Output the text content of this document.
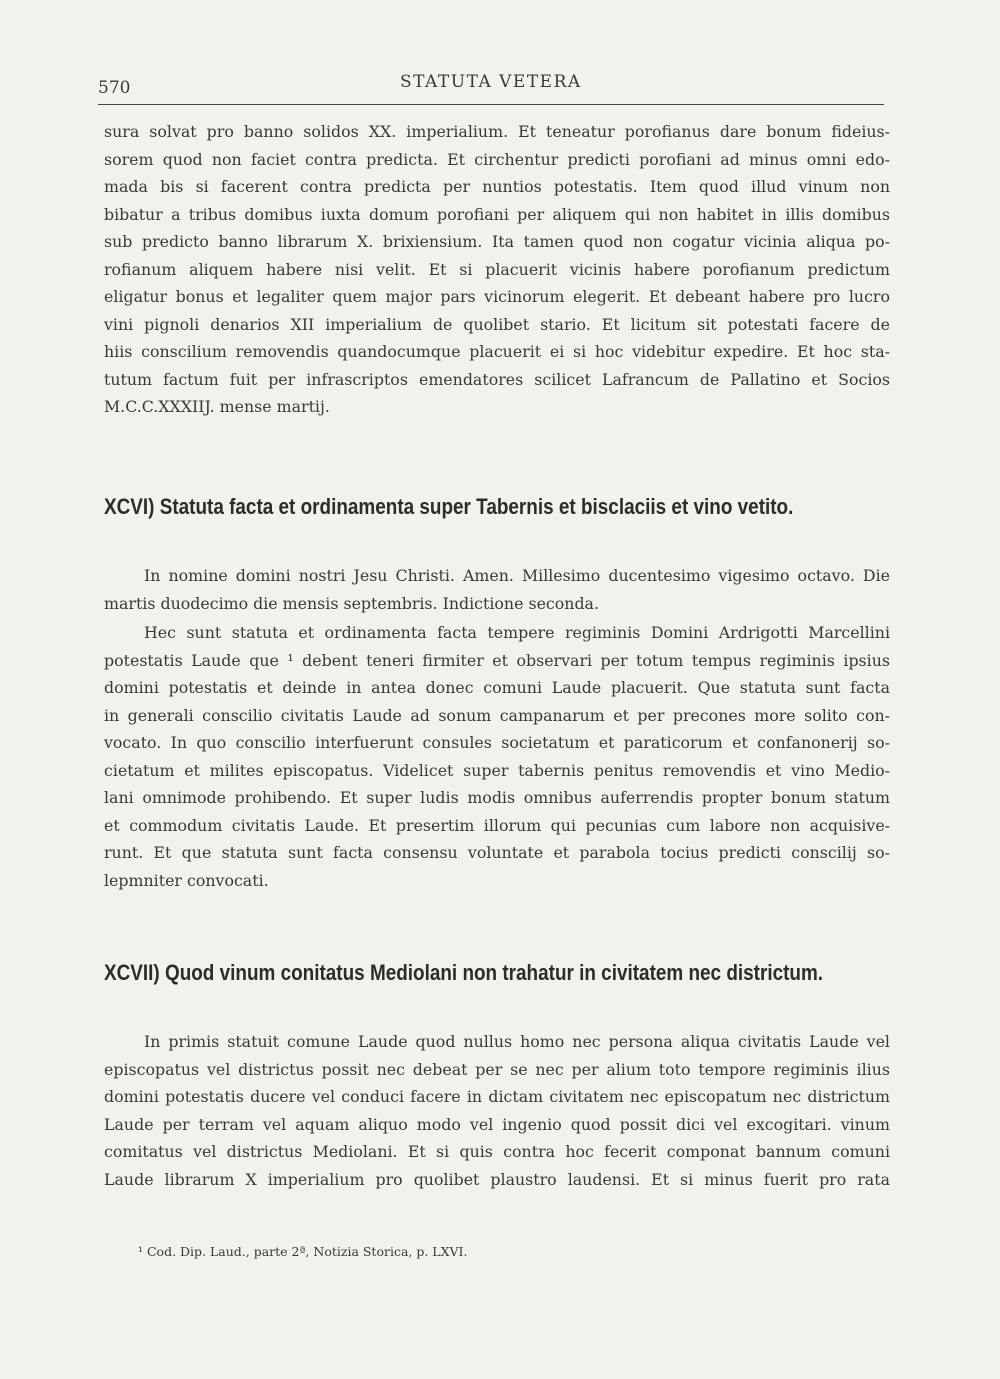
570	STATUTA VETERA
sura solvat pro banno solidos XX. imperialium. Et teneatur porofianus dare bonum fideius-
sorem quod non faciet contra predicta. Et circhentur predicti porofiani ad minus omni edo-
mada bis si facerent contra predicta per nuntios potestatis. Item quod illud vinum non
bibatur a tribus domibus iuxta domum porofiani per aliquem qui non habitet in illis domibus
sub predicto banno librarum X. brixiensium. Ita tamen quod non cogatur vicinia aliqua po-
rofianum aliquem habere nisi velit. Et si placuerit vicinis habere porofianum predictum
eligatur bonus et legaliter quem major pars vicinorum elegerit. Et debeant habere pro lucro
vini pignoli denarios XII imperialium de quolibet stario. Et licitum sit potestati facere de
hiis conscilium removendis quandocumque placuerit ei si hoc videbitur expedire. Et hoc sta-
tutum factum fuit per infrascriptos emendatores scilicet Lafrancum de Pallatino et Socios
M.C.C.XXXIIJ. mense martij.
XCVI) Statuta facta et ordinamenta super Tabernis et bisclaciis et vino vetito.
In nomine domini nostri Jesu Christi. Amen. Millesimo ducentesimo vigesimo octavo. Die
martis duodecimo die mensis septembris. Indictione seconda.
Hec sunt statuta et ordinamenta facta tempere regiminis Domini Ardrigotti Marcellini
potestatis Laude que ¹ debent teneri firmiter et observari per totum tempus regiminis ipsius
domini potestatis et deinde in antea donec comuni Laude placuerit. Que statuta sunt facta
in generali conscilio civitatis Laude ad sonum campanarum et per precones more solito con-
vocato. In quo conscilio interfuerunt consules societatum et paraticorum et confanonerij so-
cietatum et milites episcopatus. Videlicet super tabernis penitus removendis et vino Medio-
lani omnimode prohibendo. Et super ludis modis omnibus auferrendis propter bonum statum
et commodum civitatis Laude. Et presertim illorum qui pecunias cum labore non acquisive-
runt. Et que statuta sunt facta consensu voluntate et parabola tocius predicti conscilij so-
lepmniter convocati.
XCVII) Quod vinum conitatus Mediolani non trahatur in civitatem nec districtum.
In primis statuit comune Laude quod nullus homo nec persona aliqua civitatis Laude vel
episcopatus vel districtus possit nec debeat per se nec per alium toto tempore regiminis ilius
domini potestatis ducere vel conduci facere in dictam civitatem nec episcopatum nec districtum
Laude per terram vel aquam aliquo modo vel ingenio quod possit dici vel excogitari. vinum
comitatus vel districtus Mediolani. Et si quis contra hoc fecerit componat bannum comuni
Laude librarum X imperialium pro quolibet plaustro laudensi. Et si minus fuerit pro rata
¹ Cod. Dip. Laud., parte 2ª, Notizia Storica, p. LXVI.
